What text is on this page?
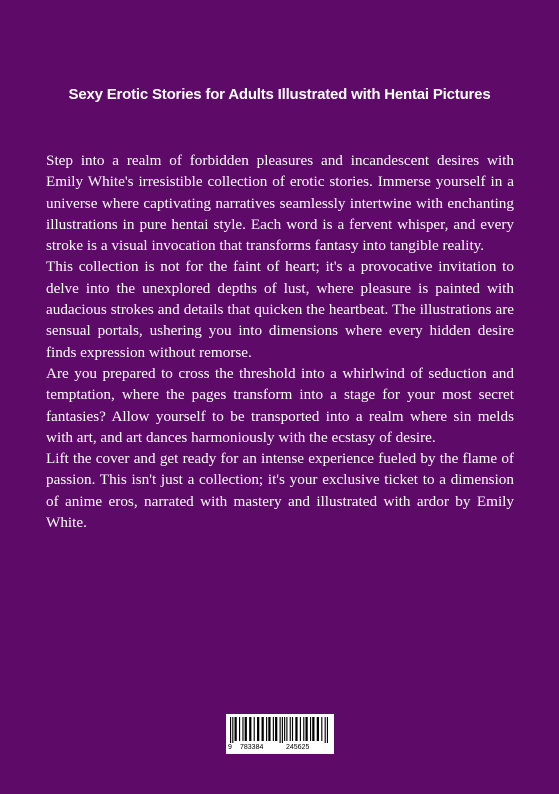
Sexy Erotic Stories for Adults Illustrated with Hentai Pictures

Step into a realm of forbidden pleasures and incandescent desires with Emily White's irresistible collection of erotic stories. Immerse yourself in a universe where captivating narratives seamlessly intertwine with enchanting illustrations in pure hentai style. Each word is a fervent whisper, and every stroke is a visual invocation that transforms fantasy into tangible reality.

This collection is not for the faint of heart; it's a provocative invitation to delve into the unexplored depths of lust, where pleasure is painted with audacious strokes and details that quicken the heartbeat. The illustrations are sensual portals, ushering you into dimensions where every hidden desire finds expression without remorse.

Are you prepared to cross the threshold into a whirlwind of seduction and temptation, where the pages transform into a stage for your most secret fantasies? Allow yourself to be transported into a realm where sin melds with art, and art dances harmoniously with the ecstasy of desire.

Lift the cover and get ready for an intense experience fueled by the flame of passion. This isn't just a collection; it's your exclusive ticket to a dimension of anime eros, narrated with mastery and illustrated with ardor by Emily White.

9 783384	245625
